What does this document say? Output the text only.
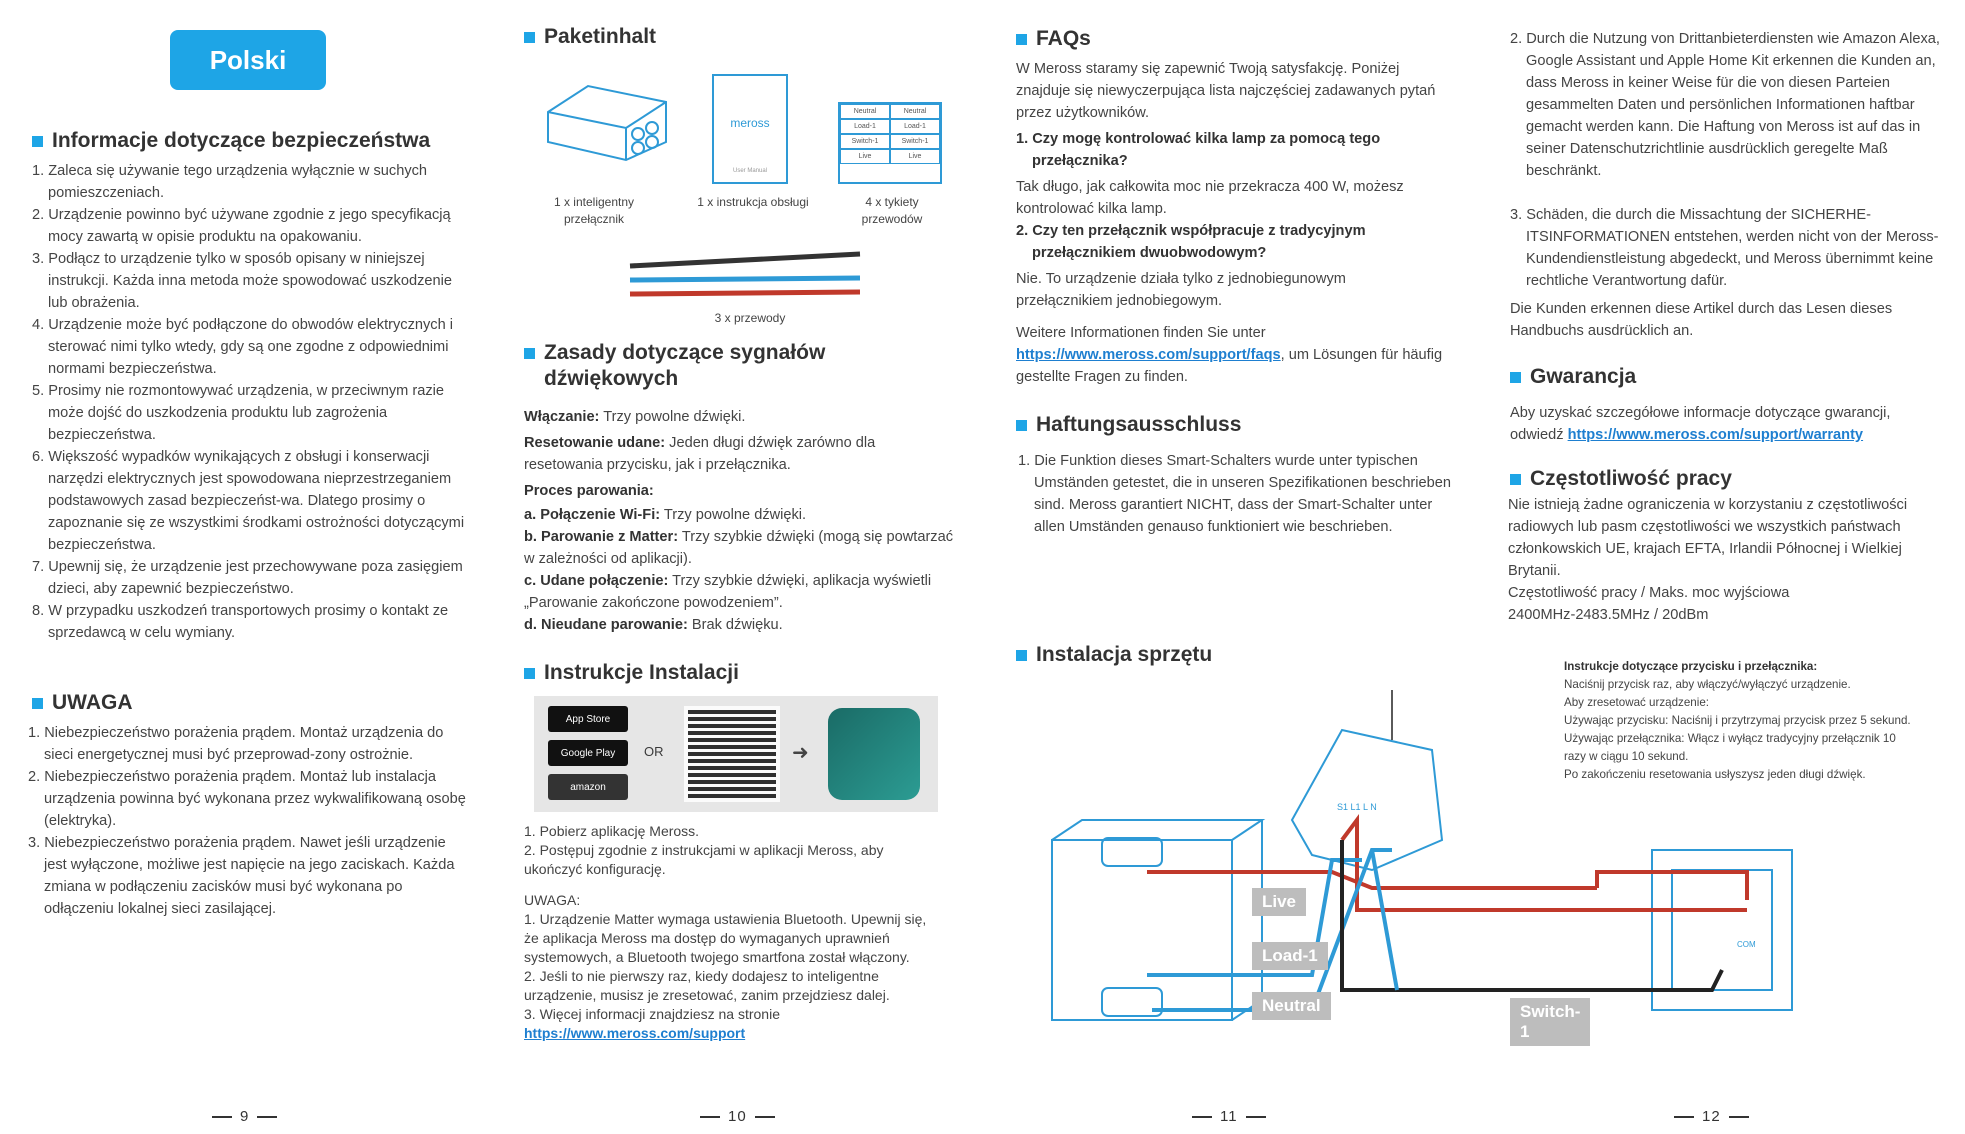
Polski
Informacje dotyczące bezpieczeństwa
1. Zaleca się używanie tego urządzenia wyłącznie w suchych pomieszczeniach.
2. Urządzenie powinno być używane zgodnie z jego specyfikacją mocy zawartą w opisie produktu na opakowaniu.
3. Podłącz to urządzenie tylko w sposób opisany w niniejszej instrukcji. Każda inna metoda może spowodować uszkodzenie lub obrażenia.
4. Urządzenie może być podłączone do obwodów elektrycznych i sterować nimi tylko wtedy, gdy są one zgodne z odpowiednimi normami bezpieczeństwa.
5. Prosimy nie rozmontowywać urządzenia, w przeciwnym razie może dojść do uszkodzenia produktu lub zagrożenia bezpieczeństwa.
6. Większość wypadków wynikających z obsługi i konserwacji narzędzi elektrycznych jest spowodowana nieprzestrzeganiem podstawowych zasad bezpieczeńst-wa. Dlatego prosimy o zapoznanie się ze wszystkimi środkami ostrożności dotyczącymi bezpieczeństwa.
7. Upewnij się, że urządzenie jest przechowywane poza zasięgiem dzieci, aby zapewnić bezpieczeństwo.
8. W przypadku uszkodzeń transportowych prosimy o kontakt ze sprzedawcą w celu wymiany.
UWAGA
1. Niebezpieczeństwo porażenia prądem. Montaż urządzenia do sieci energetycznej musi być przeprowad-zony ostrożnie.
2. Niebezpieczeństwo porażenia prądem. Montaż lub instalacja urządzenia powinna być wykonana przez wykwalifikowaną osobę (elektryka).
3. Niebezpieczeństwo porażenia prądem. Nawet jeśli urządzenie jest wyłączone, możliwe jest napięcie na jego zaciskach. Każda zmiana w podłączeniu zacisków musi być wykonana po odłączeniu lokalnej sieci zasilającej.
9
Paketinhalt
1 x inteligentny przełącznik
meross
User Manual
1 x instrukcja obsługi
Neutral	Neutral
Load-1	Load-1
Switch-1	Switch-1
Live	Live
4 x tykiety przewodów
3 x przewody
Zasady dotyczące sygnałów dźwiękowych
Włączanie: Trzy powolne dźwięki.
Resetowanie udane: Jeden długi dźwięk zarówno dla resetowania przycisku, jak i przełącznika.
Proces parowania:
a. Połączenie Wi-Fi: Trzy powolne dźwięki.
b. Parowanie z Matter: Trzy szybkie dźwięki (mogą się powtarzać w zależności od aplikacji).
c. Udane połączenie: Trzy szybkie dźwięki, aplikacja wyświetli „Parowanie zakończone powodzeniem”.
d. Nieudane parowanie: Brak dźwięku.
Instrukcje Instalacji
App Store
Google Play
amazon
OR	➜
1. Pobierz aplikację Meross.
2. Postępuj zgodnie z instrukcjami w aplikacji Meross, aby ukończyć konfigurację.
UWAGA:
1. Urządzenie Matter wymaga ustawienia Bluetooth. Upewnij się, że aplikacja Meross ma dostęp do wymaganych uprawnień systemowych, a Bluetooth twojego smartfona został włączony.
2. Jeśli to nie pierwszy raz, kiedy dodajesz to inteligentne urządzenie, musisz je zresetować, zanim przejdziesz dalej.
3. Więcej informacji znajdziesz na stronie https://www.meross.com/support
10
FAQs
W Meross staramy się zapewnić Twoją satysfakcję. Poniżej znajduje się niewyczerpująca lista najczęściej zadawanych pytań przez użytkowników.
1. Czy mogę kontrolować kilka lamp za pomocą tego przełącznika?
Tak długo, jak całkowita moc nie przekracza 400 W, możesz kontrolować kilka lamp.
2. Czy ten przełącznik współpracuje z tradycyjnym przełącznikiem dwuobwodowym?
Nie. To urządzenie działa tylko z jednobiegunowym przełącznikiem jednobiegowym.
Weitere Informationen finden Sie unter https://www.meross.com/support/faqs, um Lösungen für häufig gestellte Fragen zu finden.
Haftungsausschluss
1. Die Funktion dieses Smart-Schalters wurde unter typischen Umständen getestet, die in unseren Spezifikationen beschrieben sind. Meross garantiert NICHT, dass der Smart-Schalter unter allen Umständen genauso funktioniert wie beschrieben.
Instalacja sprzętu
S1 L1 L N
COM
Live
Load-1
Neutral	Switch-1
Instrukcje dotyczące przycisku i przełącznika:
Naciśnij przycisk raz, aby włączyć/wyłączyć urządzenie.
Aby zresetować urządzenie:
Używając przycisku: Naciśnij i przytrzymaj przycisk przez 5 sekund.
Używając przełącznika: Włącz i wyłącz tradycyjny przełącznik 10 razy w ciągu 10 sekund.
Po zakończeniu resetowania usłyszysz jeden długi dźwięk.
11
2. Durch die Nutzung von Drittanbieterdiensten wie Amazon Alexa, Google Assistant und Apple Home Kit erkennen die Kunden an, dass Meross in keiner Weise für die von diesen Parteien gesammelten Daten und persönlichen Informationen haftbar gemacht werden kann. Die Haftung von Meross ist auf das in seiner Datenschutzrichtlinie ausdrücklich geregelte Maß beschränkt.
3. Schäden, die durch die Missachtung der SICHERHE-ITSINFORMATIONEN entstehen, werden nicht von der Meross-Kundendienstleistung abgedeckt, und Meross übernimmt keine rechtliche Verantwortung dafür.
Die Kunden erkennen diese Artikel durch das Lesen dieses Handbuchs ausdrücklich an.
Gwarancja
Aby uzyskać szczegółowe informacje dotyczące gwarancji, odwiedź https://www.meross.com/support/warranty
Częstotliwość pracy
Nie istnieją żadne ograniczenia w korzystaniu z częstotliwości radiowych lub pasm częstotliwości we wszystkich państwach członkowskich UE, krajach EFTA, Irlandii Północnej i Wielkiej Brytanii.
Częstotliwość pracy / Maks. moc wyjściowa
2400MHz-2483.5MHz / 20dBm
12
